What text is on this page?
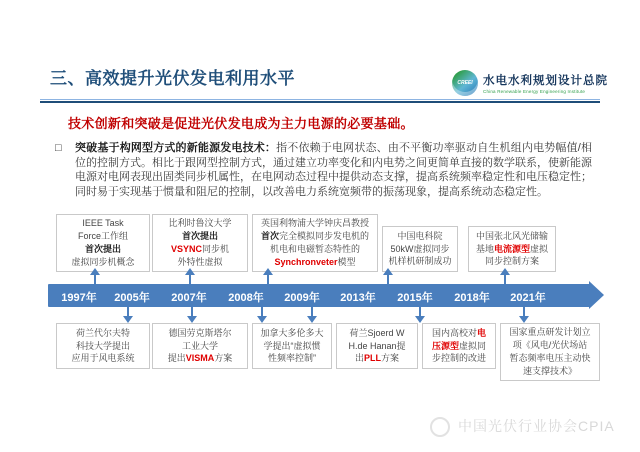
三、高效提升光伏发电利用水平	CREEI 水电水利规划设计总院
China Renewable Energy Engineering Institute
技术创新和突破是促进光伏发电成为主力电源的必要基础。
□ 突破基于构网型方式的新能源发电技术：指不依赖于电网状态、由不平衡功率驱动自生机组内电势幅值/相位的控制方式。相比于跟网型控制方式，通过建立功率变化和内电势之间更简单直接的数学联系，使新能源电源对电网表现出固类同步机属性，在电网动态过程中提供动态支撑，提高系统频率稳定性和电压稳定性；同时易于实现基于惯量和阻尼的控制，以改善电力系统宽频带的振荡现象，提高系统动态稳定性。

IEEE Task
Force工作组
首次提出
虚拟同步机概念
比利时鲁汶大学
首次提出
VSYNC同步机
外特性虚拟
英国利物浦大学钟庆昌教授
首次完全模拟同步发电机的
机电和电磁暂态特性的
Synchronveter模型
中国电科院
50kW虚拟同步
机样机研制成功
中国张北风光储输
基地电流源型虚拟
同步控制方案
1997年	2005年	2007年	2008年	2009年	2013年	2015年	2018年	2021年
荷兰代尔夫特
科技大学提出
应用于风电系统
德国劳克斯塔尔
工业大学
提出VISMA方案
加拿大多伦多大
学提出“虚拟惯
性频率控制”
荷兰Sjoerd W
H.de Hanan提
出PLL方案
国内高校对电
压源型虚拟同
步控制的改进
国家重点研发计划立
项《风电/光伏场站
暂态频率电压主动快
速支撑技术》
中国光伏行业协会CPIA
